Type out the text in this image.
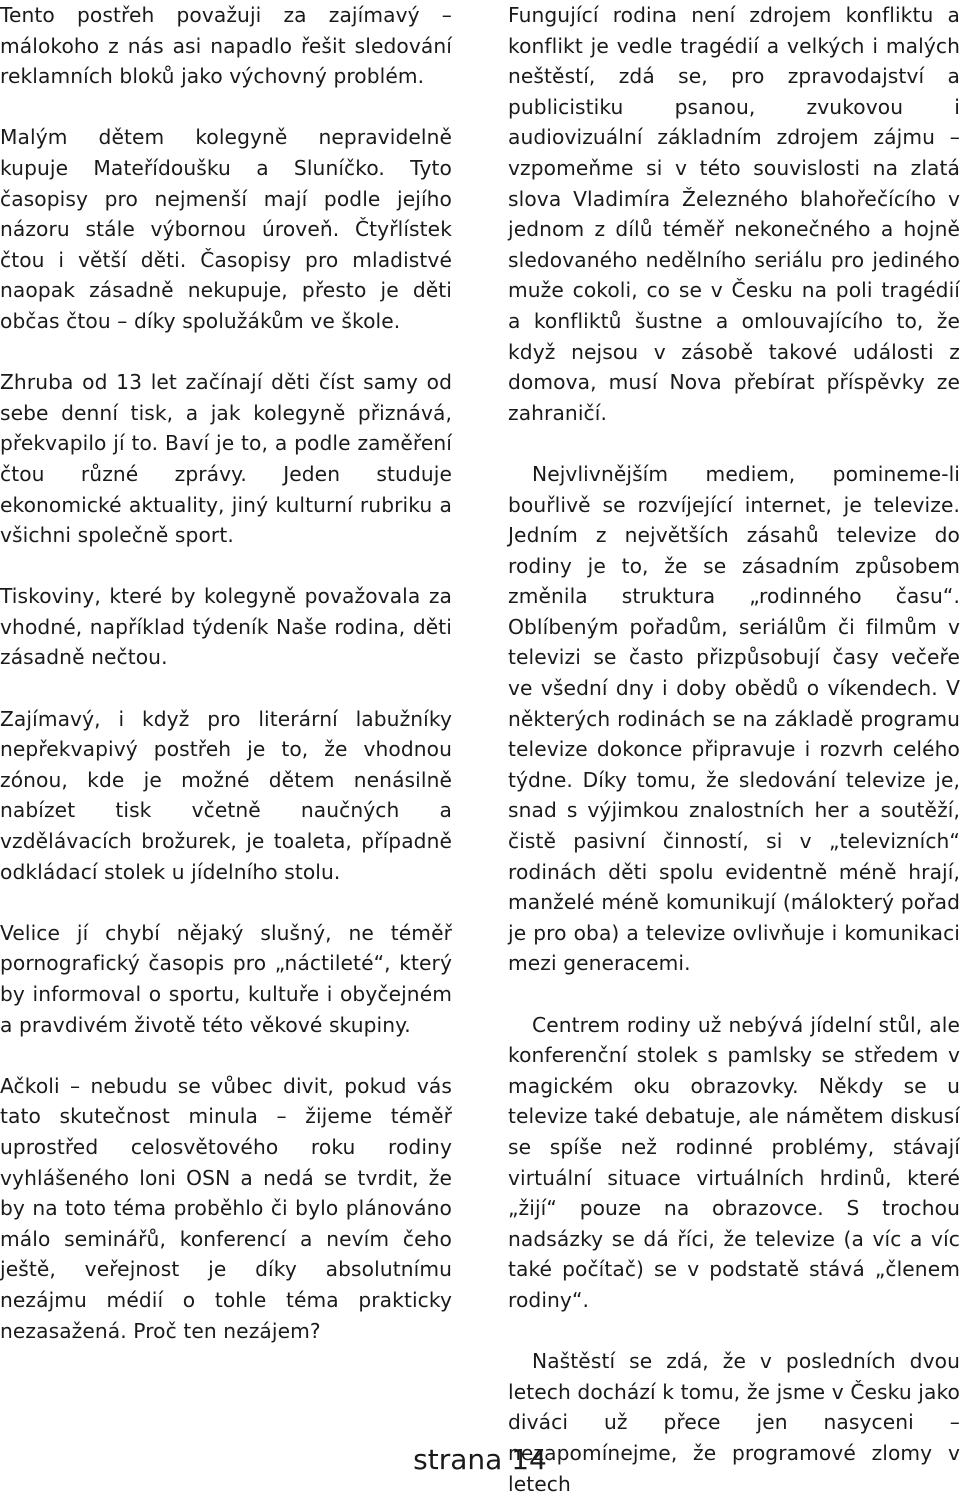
Tento postřeh považuji za zajímavý – málokoho z nás asi napadlo řešit sledování reklamních bloků jako výchovný problém.

Malým dětem kolegyně nepravidelně kupuje Mateřídoušku a Sluníčko. Tyto časopisy pro nejmenší mají podle jejího názoru stále výbornou úroveň. Čtyřlístek čtou i větší děti. Časopisy pro mladistvé naopak zásadně nekupuje, přesto je děti občas čtou – díky spolužákům ve škole.

Zhruba od 13 let začínají děti číst samy od sebe denní tisk, a jak kolegyně přiznává, překvapilo jí to. Baví je to, a podle zaměření čtou různé zprávy. Jeden studuje ekonomické aktuality, jiný kulturní rubriku a všichni společně sport.

Tiskoviny, které by kolegyně považovala za vhodné, například týdeník Naše rodina, děti zásadně nečtou.

Zajímavý, i když pro literární labužníky nepřekvapivý postřeh je to, že vhodnou zónou, kde je možné dětem nenásilně nabízet tisk včetně naučných a vzdělávacích brožurek, je toaleta, případně odkládací stolek u jídelního stolu.

Velice jí chybí nějaký slušný, ne téměř pornografický časopis pro „náctileté“, který by informoval o sportu, kultuře i obyčejném a pravdivém životě této věkové skupiny.

Ačkoli – nebudu se vůbec divit, pokud vás tato skutečnost minula – žijeme téměř uprostřed celosvětového roku rodiny vyhlášeného loni OSN a nedá se tvrdit, že by na toto téma proběhlo či bylo plánováno málo seminářů, konferencí a nevím čeho ještě, veřejnost je díky absolutnímu nezájmu médií o tohle téma prakticky nezasažená. Proč ten nezájem?

Fungující rodina není zdrojem konfliktu a konflikt je vedle tragédií a velkých i malých neštěstí, zdá se, pro zpravodajství a publicistiku psanou, zvukovou i audiovizuální základním zdrojem zájmu – vzpomeňme si v této souvislosti na zlatá slova Vladimíra Železného blahořečícího v jednom z dílů téměř nekonečného a hojně sledovaného nedělního seriálu pro jediného muže cokoli, co se v Česku na poli tragédií a konfliktů šustne a omlouvajícího to, že když nejsou v zásobě takové události z domova, musí Nova přebírat příspěvky ze zahraničí.

Nejvlivnějším mediem, pomineme-li bouřlivě se rozvíjející internet, je televize. Jedním z největších zásahů televize do rodiny je to, že se zásadním způsobem změnila struktura „rodinného času“. Oblíbeným pořadům, seriálům či filmům v televizi se často přizpůsobují časy večeře ve všední dny i doby obědů o víkendech. V některých rodinách se na základě programu televize dokonce připravuje i rozvrh celého týdne. Díky tomu, že sledování televize je, snad s výjimkou znalostních her a soutěží, čistě pasivní činností, si v „televizních“ rodinách děti spolu evidentně méně hrají, manželé méně komunikují (málokterý pořad je pro oba) a televize ovlivňuje i komunikaci mezi generacemi.

Centrem rodiny už nebývá jídelní stůl, ale konferenční stolek s pamlsky se středem v magickém oku obrazovky. Někdy se u televize také debatuje, ale námětem diskusí se spíše než rodinné problémy, stávají virtuální situace virtuálních hrdinů, které „žijí“ pouze na obrazovce. S trochou nadsázky se dá říci, že televize (a víc a víc také počítač) se v podstatě stává „členem rodiny“.

Naštěstí se zdá, že v posledních dvou letech dochází k tomu, že jsme v Česku jako diváci už přece jen nasyceni – nezapomínejme, že programové zlomy v letech

strana 14
